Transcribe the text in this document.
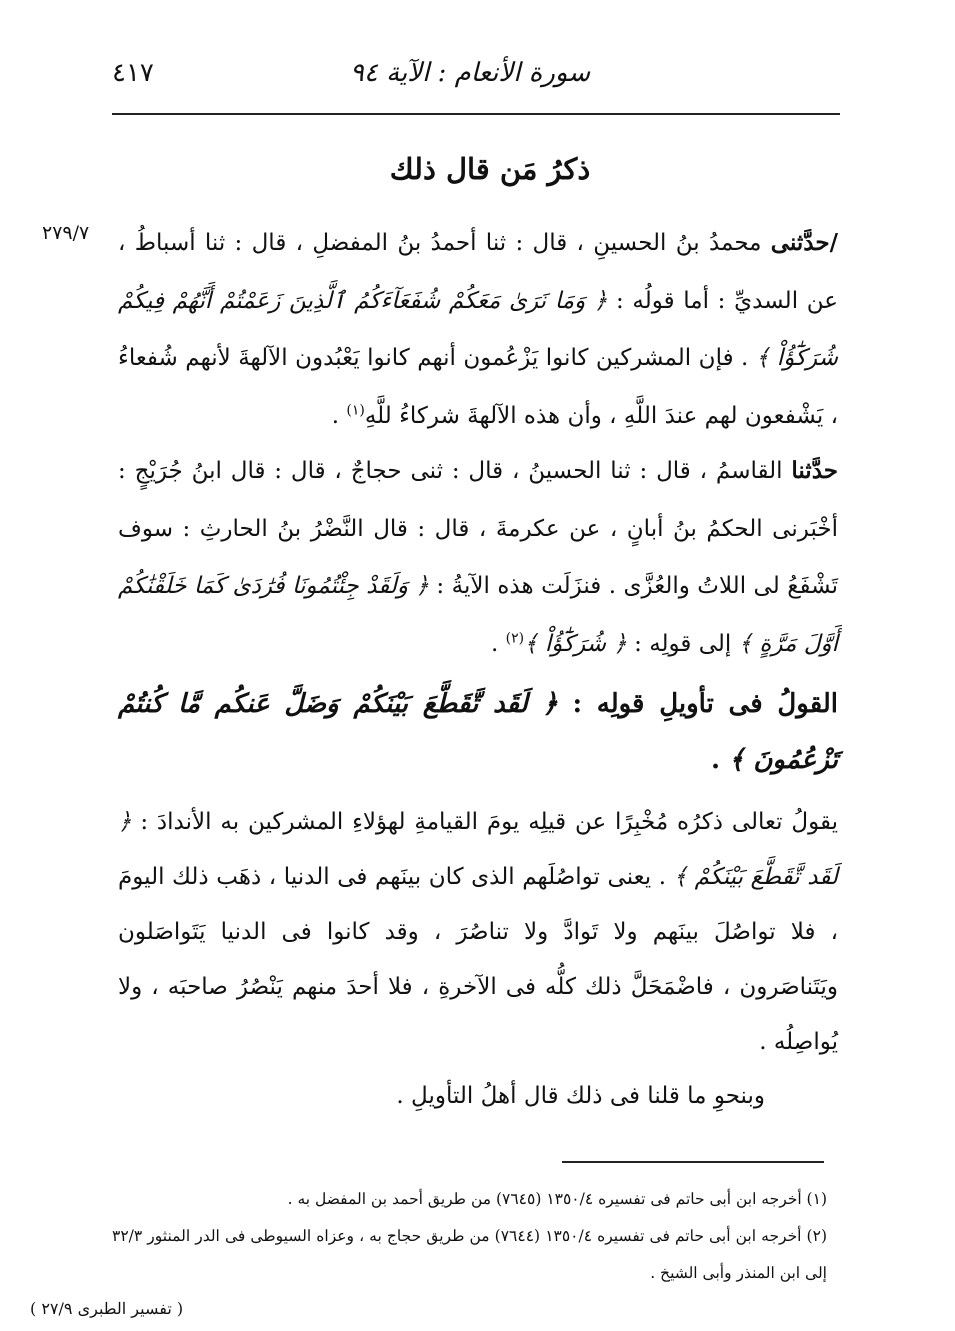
٤١٧	سورة الأنعام : الآية ٩٤
ذكرُ مَن قال ذلك
٢٧٩/٧	/حدَّثنى محمدُ بنُ الحسينِ ، قال : ثنا أحمدُ بنُ المفضلِ ، قال : ثنا أسباطُ ، عن السديِّ : أما قولُه : ﴿ وَمَا نَرَىٰ مَعَكُمْ شُفَعَآءَكُمُ ٱلَّذِينَ زَعَمْتُمْ أَنَّهُمْ فِيكُمْ شُرَكَٰٓؤُاْ ﴾ . فإن المشركين كانوا يَزْعُمون أنهم كانوا يَعْبُدون الآلهةَ لأنهم شُفعاءُ ، يَشْفعون لهم عندَ اللَّهِ ، وأن هذه الآلهةَ شركاءُ للَّهِ$^{(١)}$ .
حدَّثنا القاسمُ ، قال : ثنا الحسينُ ، قال : ثنى حجاجٌ ، قال : قال ابنُ جُرَيْجٍ : أخْبَرنى الحكمُ بنُ أبانٍ ، عن عكرمةَ ، قال : قال النَّضْرُ بنُ الحارثِ : سوف تَشْفَعُ لى اللاتُ والعُزَّى . فنزَلَت هذه الآيةُ : ﴿ وَلَقَدْ جِئْتُمُونَا فُرَٰدَىٰ كَمَا خَلَقْنَٰكُمْ أَوَّلَ مَرَّةٍ ﴾ إلى قولِه : ﴿ شُرَكَٰٓؤُاْ ﴾$^{(٢)}$ .
القولُ فى تأويلِ قولِه : ﴿ لَقَد تَّقَطَّعَ بَيْنَكُمْ وَضَلَّ عَنكُم مَّا كُنتُمْ تَزْعُمُونَ ﴾ .
يقولُ تعالى ذكرُه مُخْبِرًا عن قيلِه يومَ القيامةِ لهؤلاءِ المشركين به الأندادَ : ﴿ لَقَد تَّقَطَّعَ بَيْنَكُمْ ﴾ . يعنى تواصُلَهم الذى كان بينَهم فى الدنيا ، ذهَب ذلك اليومَ ، فلا تواصُلَ بينَهم ولا تَوادَّ ولا تناصُرَ ، وقد كانوا فى الدنيا يَتَواصَلون ويَتَناصَرون ، فاضْمَحَلَّ ذلك كلُّه فى الآخرةِ ، فلا أحدَ منهم يَنْصُرُ صاحبَه ، ولا يُواصِلُه .
وبنحوِ ما قلنا فى ذلك قال أهلُ التأويلِ .
(١) أخرجه ابن أبى حاتم فى تفسيره ١٣٥٠/٤ (٧٦٤٥) من طريق أحمد بن المفضل به .
(٢) أخرجه ابن أبى حاتم فى تفسيره ١٣٥٠/٤ (٧٦٤٤) من طريق حجاج به ، وعزاه السيوطى فى الدر المنثور ٣٢/٣ إلى ابن المنذر وأبى الشيخ .
( تفسير الطبرى ٢٧/٩ )
